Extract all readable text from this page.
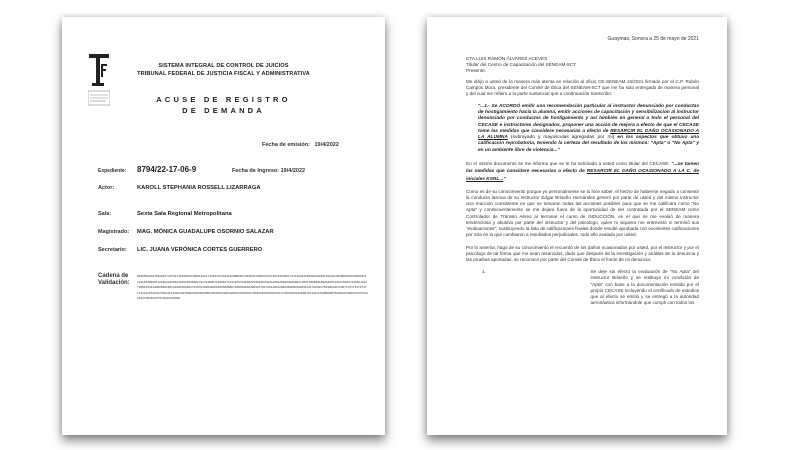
SISTEMA INTEGRAL DE CONTROL DE JUICIOS
TRIBUNAL FEDERAL DE JUSTICIA FISCAL Y ADMINISTRATIVA
ACUSE DE REGISTRO
DE DEMANDA
Fecha de emisión: 19/4/2022
Expediente:	8794/22-17-06-9	Fecha de Ingreso: 19/4/2022
Actor:	KAROLL STEPHANIA ROSSELL LIZARRAGA
Sala:	Sexta Sala Regional Metropolitana
Magistrado:	MAG. MÓNICA GUADALUPE OSORNIO SALAZAR
Secretario:	LIC. JUANA VERÓNICA CORTES GUERRERO
Cadena de Validación:
0630501210791082372373171610802170691342171210107161121106869078108237092237227167242180174114216216832040233179140191180081254180032174114040968172210216033216254150180174174180072180107134107233180872246032232211081254200180820720571881541802160571401780327140401141740812541140326401801319015018017410721625420524603206807180081180320461781742116812842081800322051141742321750400200720571751741747171741141072231751611141401140780200200302080203302030203209670322331750401800012051911701502051400951071611211080890751082370902372270321610708442237270441610990
Guaymas, Sonora a 25 de mayo de 2021
CTA LUIS RAMÓN ÁLVAREZ ACEVES
Titular del Centro de Capacitación del SENEAM-SCT
Presente.

Me dirijo a usted de la manera más atenta en relación al oficio CE-SENEAM-15/2021 firmado por el C.P. Rubén Campos Mora, presidente del Comité de Ética del SENEAM-SCT que me ha sido entregado de manera personal y del cual me refiero a la parte sustancial que a continuación transcribo:

"...1.- Se ACORDÓ emitir una recomendación particular al instructor denunciado por conductas de hostigamiento hacia la alumna, emitir acciones de capacitación y sensibilización al instructor denunciado por conductas de hostigamiento y así también en general a todo el personal del CECASE e instructores designados, proponer una acción de mejora a efecto de que el CECASE tome las medidas que considere necesarias a efecto de RESARCIR EL DAÑO OCASIONADO A LA ALUMNA (subrayado y mayúsculas agregadas por mí) en los aspectos que obtuvo una calificación reprobatoria, teniendo la certeza del resultado de los mismos: "Apta" o "No Apta" y en un ambiente libre de violencia..."

En el mismo documento se me informa que se le ha solicitado a usted como titular del CECASE: "...se tomen las medidas que considere necesarias a efecto de RESARCIR EL DAÑO OCASIONADO A LA C. de iniciales KSRL..."

Como es de su conocimiento porque yo personalmente se lo hice saber, el hecho de haberme negado a consentir la conducta lasciva de su instructor Edgar Briseño Hernández generó por parte de usted y del mismo instructor una reacción consistente en que se tomaran todas las acciones posibles para que se me calificara como "No Apta" y consecuentemente se me dejara fuera de la oportunidad de ser contratada por el SENEAM como Controlador de Tránsito Aéreo al terminar el curso de INDUCCIÓN, en el que se me evaluó de manera tendenciosa y abusiva por parte del instructor y del psicólogo, quien ni siquiera me entrevistó ni terminó sus "evaluaciones"; sustituyendo la lista de calificaciones finales donde resulté aprobada con excelentes calificaciones por otra en la que cambiaron a resultados perjudiciales, todo ello avalado por usted.

Por lo anterior, hago de su conocimiento el recuento de los daños ocasionados por usted, por el instructor y por el psicólogo de tal forma que me sean resarcidos, dado que después de la investigación y análisis de la denuncia y las pruebas aportadas, se reconoce por parte del Comité de Ética el fondo de mi denuncia:

1.	Se deje sin efecto la evaluación de "No Apta" del instructor Briseño y se restituya mi condición de "Apta" con base a la documentación emitida por el propio CECASE incluyendo el certificado de estudios que al efecto se emitió y se entregó a la autoridad aeronáutica informándole que cumplí con todos los
